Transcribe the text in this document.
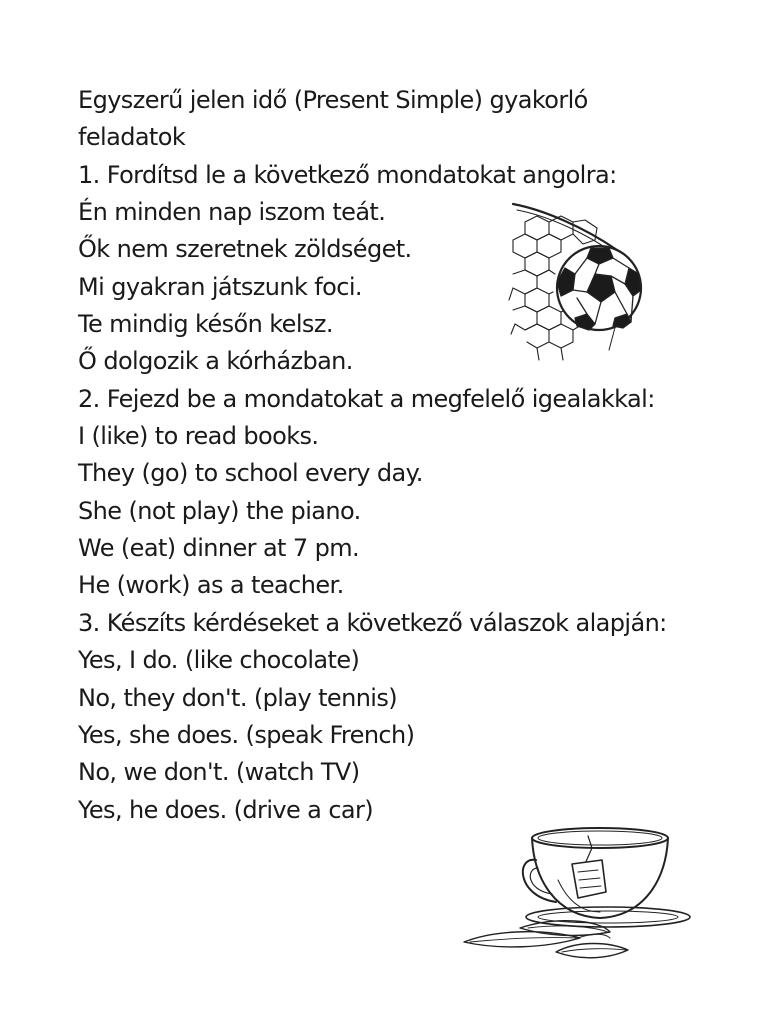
Egyszerű jelen idő (Present Simple) gyakorló
feladatok
1. Fordítsd le a következő mondatokat angolra:
Én minden nap iszom teát.
Ők nem szeretnek zöldséget.
Mi gyakran játszunk foci.
Te mindig későn kelsz.
Ő dolgozik a kórházban.
2. Fejezd be a mondatokat a megfelelő igealakkal:
I (like) to read books.
They (go) to school every day.
She (not play) the piano.
We (eat) dinner at 7 pm.
He (work) as a teacher.
3. Készíts kérdéseket a következő válaszok alapján:
Yes, I do. (like chocolate)
No, they don't. (play tennis)
Yes, she does. (speak French)
No, we don't. (watch TV)
Yes, he does. (drive a car)
